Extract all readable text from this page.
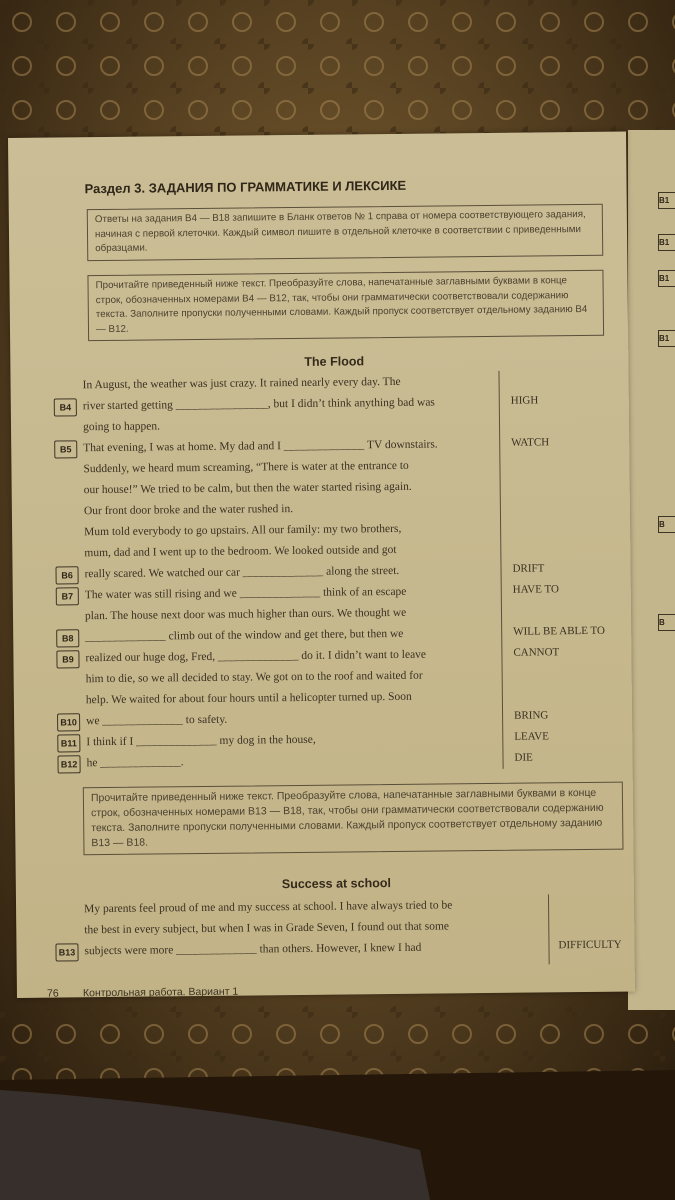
B1
B1
B1
B1
B
B
Раздел 3. ЗАДАНИЯ ПО ГРАММАТИКЕ И ЛЕКСИКЕ
Ответы на задания B4 — B18 запишите в Бланк ответов № 1 справа от номера соответствующего задания, начиная с первой клеточки. Каждый символ пишите в отдельной клеточке в соответствии с приведенными образцами.
Прочитайте приведенный ниже текст. Преобразуйте слова, напечатанные заглавными буквами в конце строк, обозначенных номерами B4 — B12, так, чтобы они грамматически соответствовали содержанию текста. Заполните пропуски полученными словами. Каждый пропуск соответствует отдельному заданию B4 — B12.
The Flood
In August, the weather was just crazy. It rained nearly every day. The
river started getting ________________, but I didn’t think anything bad was
B4
HIGH
going to happen.
That evening, I was at home. My dad and I ______________ TV downstairs.
B5
WATCH
Suddenly, we heard mum screaming, “There is water at the entrance to
our house!” We tried to be calm, but then the water started rising again.
Our front door broke and the water rushed in.
Mum told everybody to go upstairs. All our family: my two brothers,
mum, dad and I went up to the bedroom. We looked outside and got
really scared. We watched our car ______________ along the street.
B6
DRIFT
The water was still rising and we ______________ think of an escape
B7
HAVE TO
plan. The house next door was much higher than ours. We thought we
______________ climb out of the window and get there, but then we
B8
WILL BE ABLE TO
realized our huge dog, Fred, ______________ do it. I didn’t want to leave
B9
CANNOT
him to die, so we all decided to stay. We got on to the roof and waited for
help. We waited for about four hours until a helicopter turned up. Soon
we ______________ to safety.
B10
BRING
I think if I ______________ my dog in the house,
B11
LEAVE
he ______________.
B12
DIE
Прочитайте приведенный ниже текст. Преобразуйте слова, напечатанные заглавными буквами в конце строк, обозначенных номерами B13 — B18, так, чтобы они грамматически соответствовали содержанию текста. Заполните пропуски полученными словами. Каждый пропуск соответствует отдельному заданию B13 — B18.
Success at school
My parents feel proud of me and my success at school. I have always tried to be
the best in every subject, but when I was in Grade Seven, I found out that some
subjects were more ______________ than others. However, I knew I had
B13
DIFFICULTY
76 Контрольная работа. Вариант 1
